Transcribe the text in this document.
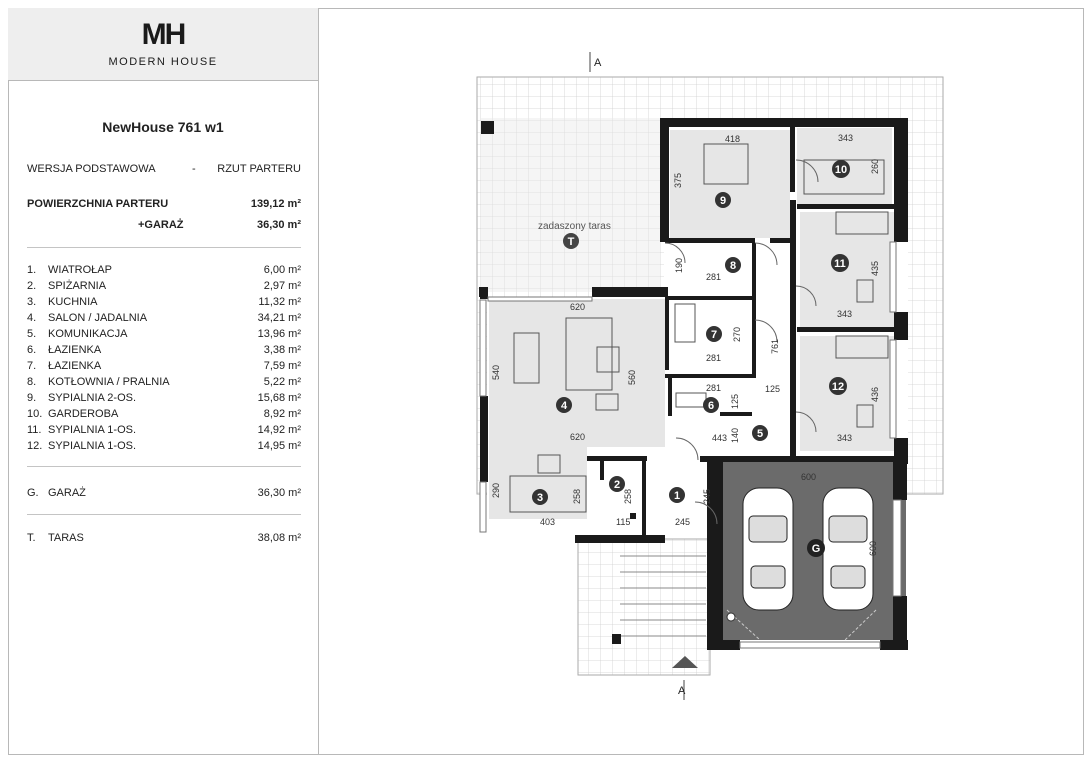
MH
MODERN HOUSE
NewHouse 761 w1
WERSJA PODSTAWOWA	- RZUT PARTERU
POWIERZCHNIA PARTERU	139,12 m²
+GARAŻ	36,30 m²
1. WIATROŁAP	6,00 m²
2. SPIŻARNIA	2,97 m²
3. KUCHNIA	11,32 m²
4. SALON / JADALNIA	34,21 m²
5. KOMUNIKACJA	13,96 m²
6. ŁAZIENKA	3,38 m²
7. ŁAZIENKA	7,59 m²
8. KOTŁOWNIA / PRALNIA	5,22 m²
9. SYPIALNIA 2-OS.	15,68 m²
10. GARDEROBA	8,92 m²
11. SYPIALNIA 1-OS.	14,92 m²
12. SYPIALNIA 1-OS.	14,95 m²
G. GARAŻ	36,30 m²
T. TARAS	38,08 m²
A
A
zadaszony taras
1
2
3
4
5
6
7
8
9
10
11
12
G
T
418	343
375
260
190
281
270
281
281
761
125
125
140
443
435
343
436
343
620
540	560
620
290	258	258
403	115
245
245
600
600
